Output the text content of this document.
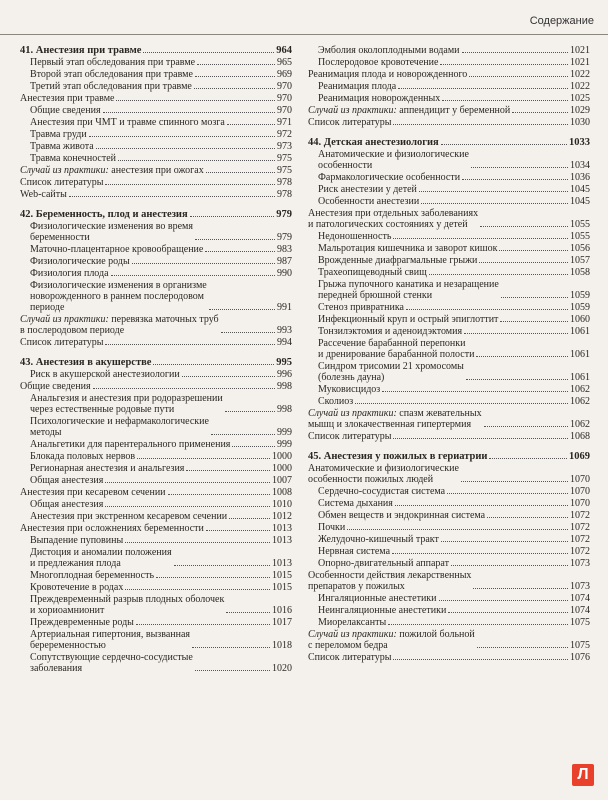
Содержание
41. Анестезия при травме	964
Первый этап обследования при травме	965
Второй этап обследования при травме	969
Третий этап обследования при травме	970
Анестезия при травме	970
Общие сведения	970
Анестезия при ЧМТ и травме спинного мозга	971
Травма груди	972
Травма живота	973
Травма конечностей	975
Случай из практики: анестезия при ожогах	975
Список литературы	978
Web-сайты	978
42. Беременность, плод и анестезия	979
Физиологические изменения во время
беременности	979
Маточно-плацентарное кровообращение	983
Физиологические роды	987
Физиология плода	990
Физиологические изменения в организме
новорожденного в раннем послеродовом
периоде	991
Случай из практики: перевязка маточных труб
в послеродовом периоде	993
Список литературы	994
43. Анестезия в акушерстве	995
Риск в акушерской анестезиологии	996
Общие сведения	998
Анальгезия и анестезия при родоразрешении
через естественные родовые пути	998
Психологические и нефармакологические
методы	999
Анальгетики для парентерального применения	999
Блокада половых нервов	1000
Регионарная анестезия и анальгезия	1000
Общая анестезия	1007
Анестезия при кесаревом сечении	1008
Общая анестезия	1010
Анестезия при экстренном кесаревом сечении	1012
Анестезия при осложнениях беременности	1013
Выпадение пуповины	1013
Дистоция и аномалии положения
и предлежания плода	1013
Многоплодная беременность	1015
Кровотечение в родах	1015
Преждевременный разрыв плодных оболочек
и хориоамнионит	1016
Преждевременные роды	1017
Артериальная гипертония, вызванная
береременностью	1018
Сопутствующие сердечно-сосудистые
заболевания	1020
Эмболия околоплодными водами	1021
Послеродовое кровотечение	1021
Реанимация плода и новорожденного	1022
Реанимация плода	1022
Реанимация новорожденных	1025
Случай из практики: аппендицит у беременной	1029
Список литературы	1030
44. Детская анестезиология	1033
Анатомические и физиологические
особенности	1034
Фармакологические особенности	1036
Риск анестезии у детей	1045
Особенности анестезии	1045
Анестезия при отдельных заболеваниях
и патологических состояниях у детей	1055
Недоношенность	1055
Мальротация кишечника и заворот кишок	1056
Врожденные диафрагмальные грыжи	1057
Трахеопищеводный свищ	1058
Грыжа пупочного канатика и незаращение
передней брюшной стенки	1059
Стеноз привратника	1059
Инфекционный круп и острый эпиглоттит	1060
Тонзилэктомия и аденоидэктомия	1061
Рассечение барабанной перепонки
и дренирование барабанной полости	1061
Синдром трисомии 21 хромосомы
(болезнь дауна)	1061
Муковисцидоз	1062
Сколиоз	1062
Случай из практики: спазм жевательных
мышц и злокачественная гипертермия	1062
Список литературы	1068
45. Анестезия у пожилых в гериатрии	1069
Анатомические и физиологические
особенности пожилых людей	1070
Сердечно-сосудистая система	1070
Система дыхания	1070
Обмен веществ и эндокринная система	1072
Почки	1072
Желудочно-кишечный тракт	1072
Нервная система	1072
Опорно-двигательный аппарат	1073
Особенности действия лекарственных
препаратов у пожилых	1073
Ингаляционные анестетики	1074
Неингаляционные анестетики	1074
Миорелаксанты	1075
Случай из практики: пожилой больной
с переломом бедра	1075
Список литературы	1076
Л
